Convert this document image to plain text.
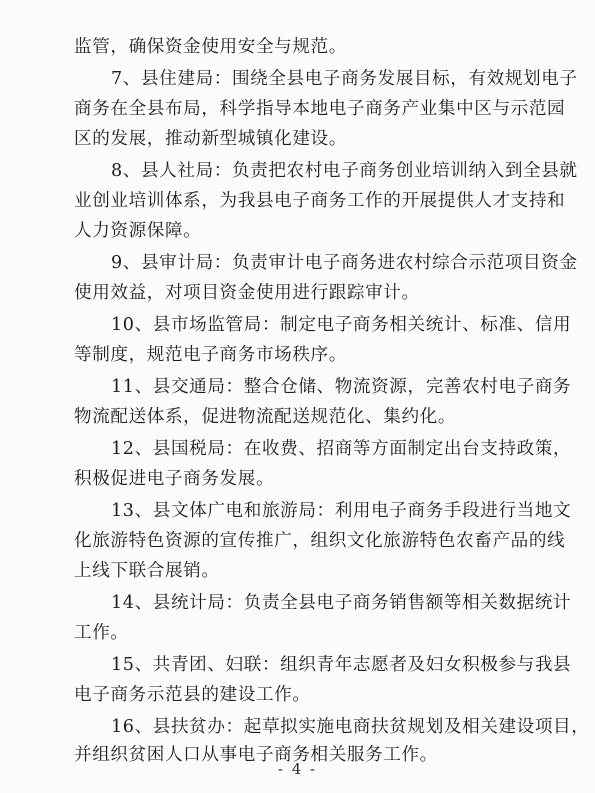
监管，确保资金使用安全与规范。
7、县住建局：围绕全县电子商务发展目标，有效规划电子
商务在全县布局，科学指导本地电子商务产业集中区与示范园
区的发展，推动新型城镇化建设。
8、县人社局：负责把农村电子商务创业培训纳入到全县就
业创业培训体系，为我县电子商务工作的开展提供人才支持和
人力资源保障。
9、县审计局：负责审计电子商务进农村综合示范项目资金
使用效益，对项目资金使用进行跟踪审计。
10、县市场监管局：制定电子商务相关统计、标准、信用
等制度，规范电子商务市场秩序。
11、县交通局：整合仓储、物流资源，完善农村电子商务
物流配送体系，促进物流配送规范化、集约化。
12、县国税局：在收费、招商等方面制定出台支持政策，
积极促进电子商务发展。
13、县文体广电和旅游局：利用电子商务手段进行当地文
化旅游特色资源的宣传推广，组织文化旅游特色农畜产品的线
上线下联合展销。
14、县统计局：负责全县电子商务销售额等相关数据统计
工作。
15、共青团、妇联：组织青年志愿者及妇女积极参与我县
电子商务示范县的建设工作。
16、县扶贫办：起草拟实施电商扶贫规划及相关建设项目，
并组织贫困人口从事电子商务相关服务工作。
- 4 -
